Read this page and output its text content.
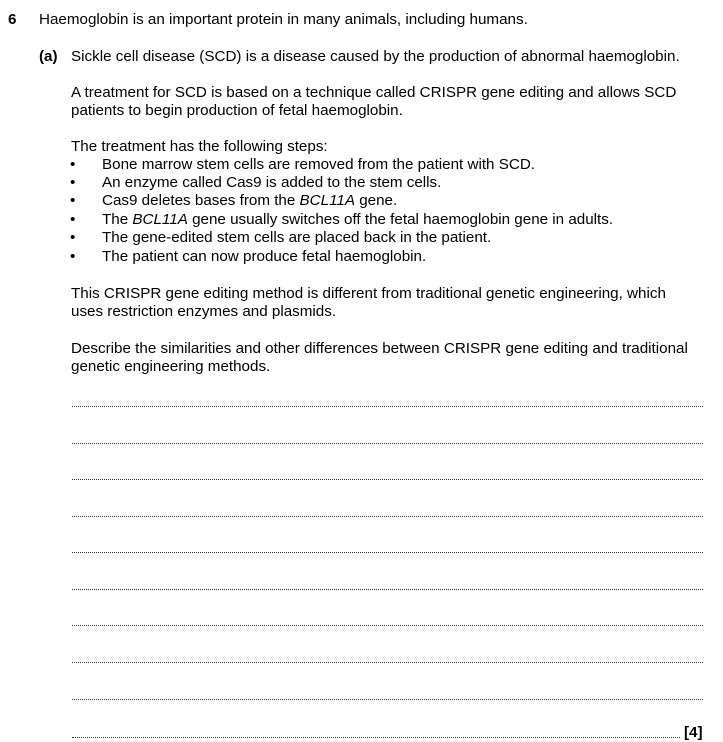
6 Haemoglobin is an important protein in many animals, including humans.
(a) Sickle cell disease (SCD) is a disease caused by the production of abnormal haemoglobin.
A treatment for SCD is based on a technique called CRISPR gene editing and allows SCD
patients to begin production of fetal haemoglobin.
The treatment has the following steps:
• Bone marrow stem cells are removed from the patient with SCD.
• An enzyme called Cas9 is added to the stem cells.
• Cas9 deletes bases from the BCL11A gene.
• The BCL11A gene usually switches off the fetal haemoglobin gene in adults.
• The gene-edited stem cells are placed back in the patient.
• The patient can now produce fetal haemoglobin.
This CRISPR gene editing method is different from traditional genetic engineering, which
uses restriction enzymes and plasmids.
Describe the similarities and other differences between CRISPR gene editing and traditional
genetic engineering methods.
[4]
